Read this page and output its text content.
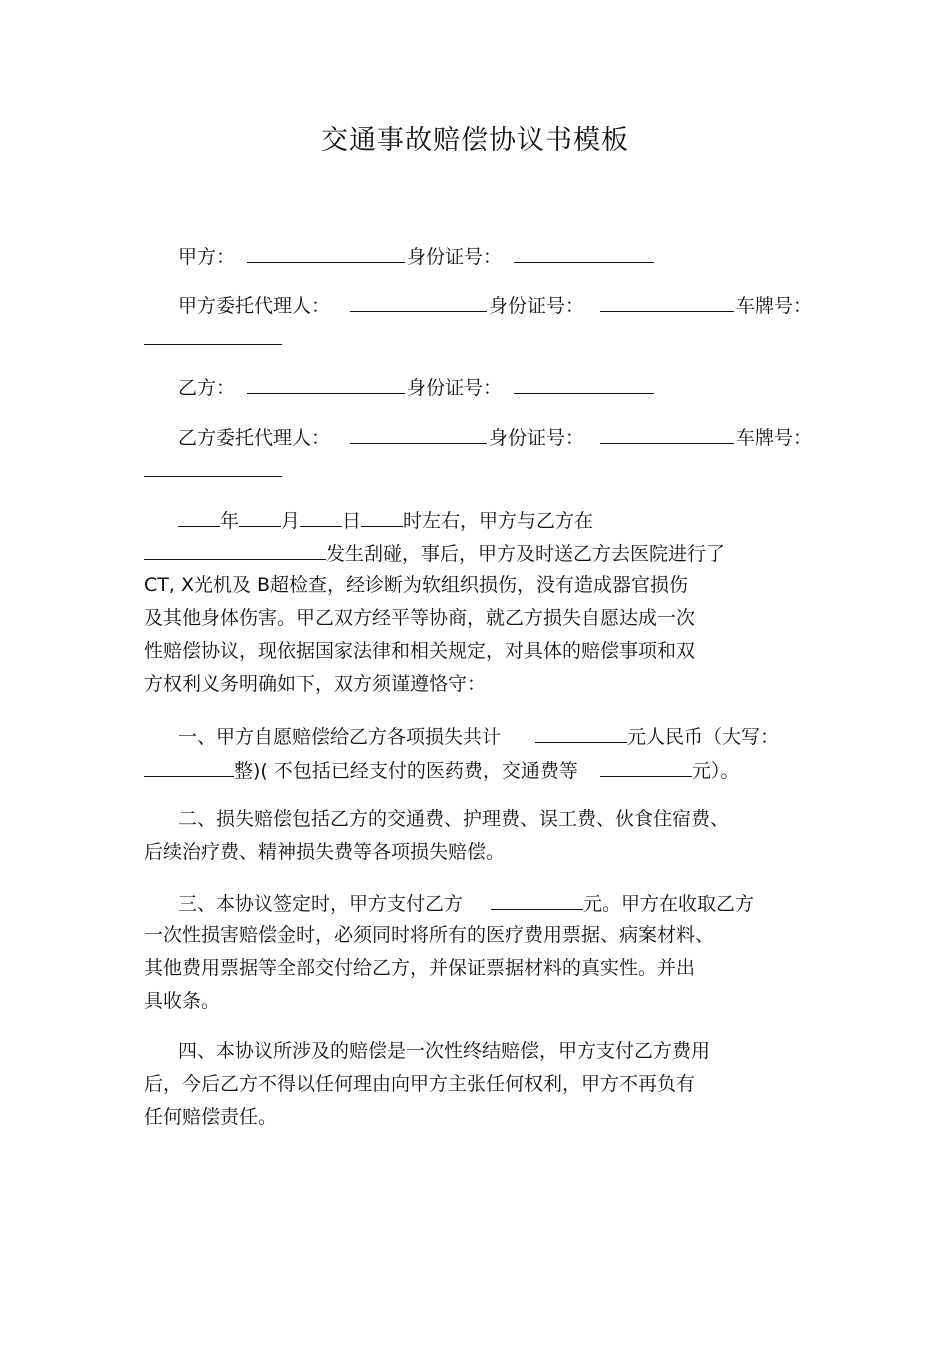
交通事故赔偿协议书模板
甲方：	身份证号：
甲方委托代理人：	身份证号：	车牌号：
乙方：	身份证号：
乙方委托代理人：	身份证号：	车牌号：
年 月 日 时左右，甲方与乙方在
发生刮碰，事后，甲方及时送乙方去医院进行了
CT, X光机及 B超检查，经诊断为软组织损伤，没有造成器官损伤
及其他身体伤害。甲乙双方经平等协商，就乙方损失自愿达成一次
性赔偿协议，现依据国家法律和相关规定，对具体的赔偿事项和双
方权利义务明确如下，双方须谨遵恪守：
一、甲方自愿赔偿给乙方各项损失共计	元人民币（大写：
整)( 不包括已经支付的医药费，交通费等	元）。
二、损失赔偿包括乙方的交通费、护理费、误工费、伙食住宿费、
后续治疗费、精神损失费等各项损失赔偿。
三、本协议签定时，甲方支付乙方	元。甲方在收取乙方
一次性损害赔偿金时，必须同时将所有的医疗费用票据、病案材料、
其他费用票据等全部交付给乙方，并保证票据材料的真实性。并出
具收条。
四、本协议所涉及的赔偿是一次性终结赔偿，甲方支付乙方费用
后，今后乙方不得以任何理由向甲方主张任何权利，甲方不再负有
任何赔偿责任。
